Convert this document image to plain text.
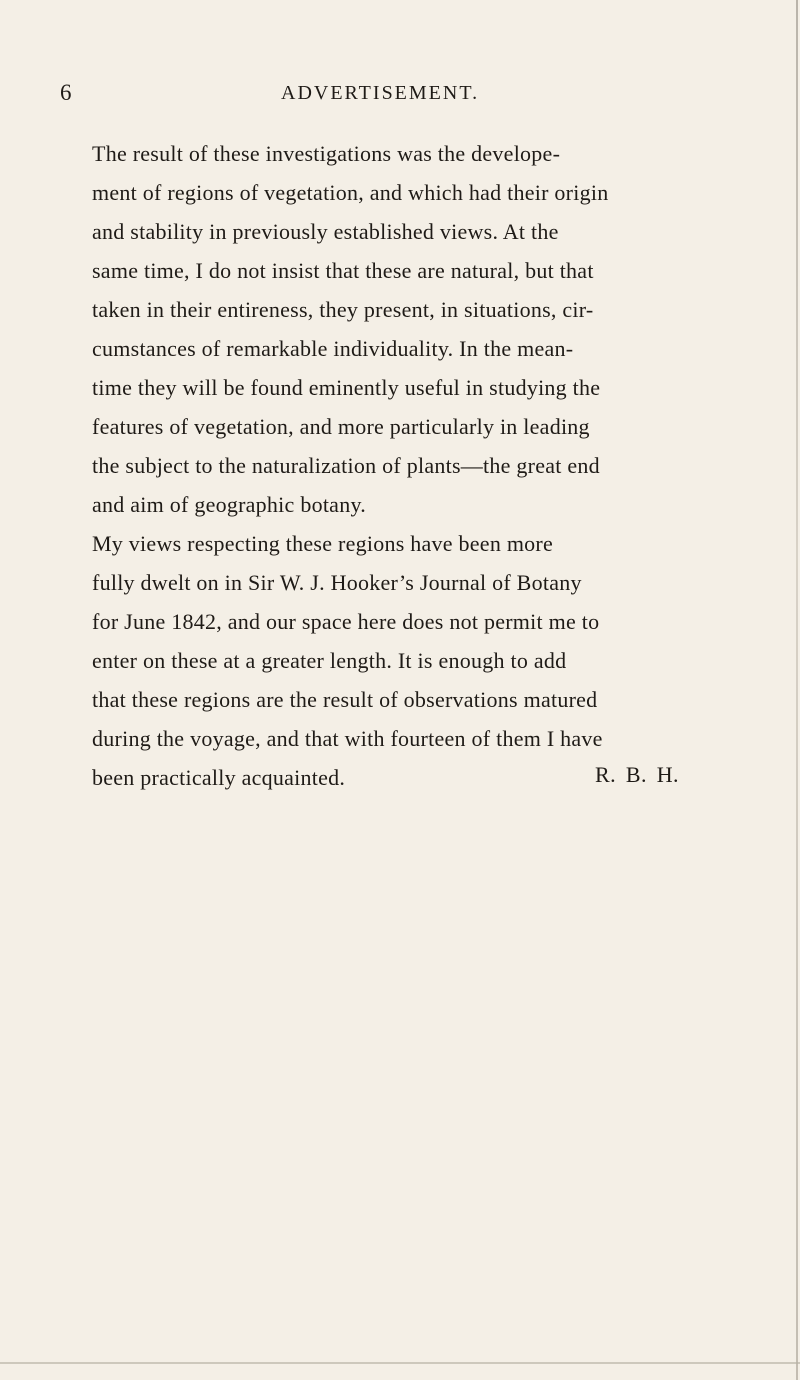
6	ADVERTISEMENT.
The result of these investigations was the develope-
ment of regions of vegetation, and which had their origin
and stability in previously established views. At the
same time, I do not insist that these are natural, but that
taken in their entireness, they present, in situations, cir-
cumstances of remarkable individuality. In the mean-
time they will be found eminently useful in studying the
features of vegetation, and more particularly in leading
the subject to the naturalization of plants—the great end
and aim of geographic botany.
My views respecting these regions have been more
fully dwelt on in Sir W. J. Hooker’s Journal of Botany
for June 1842, and our space here does not permit me to
enter on these at a greater length. It is enough to add
that these regions are the result of observations matured
during the voyage, and that with fourteen of them I have
been practically acquainted.	R. B. H.
